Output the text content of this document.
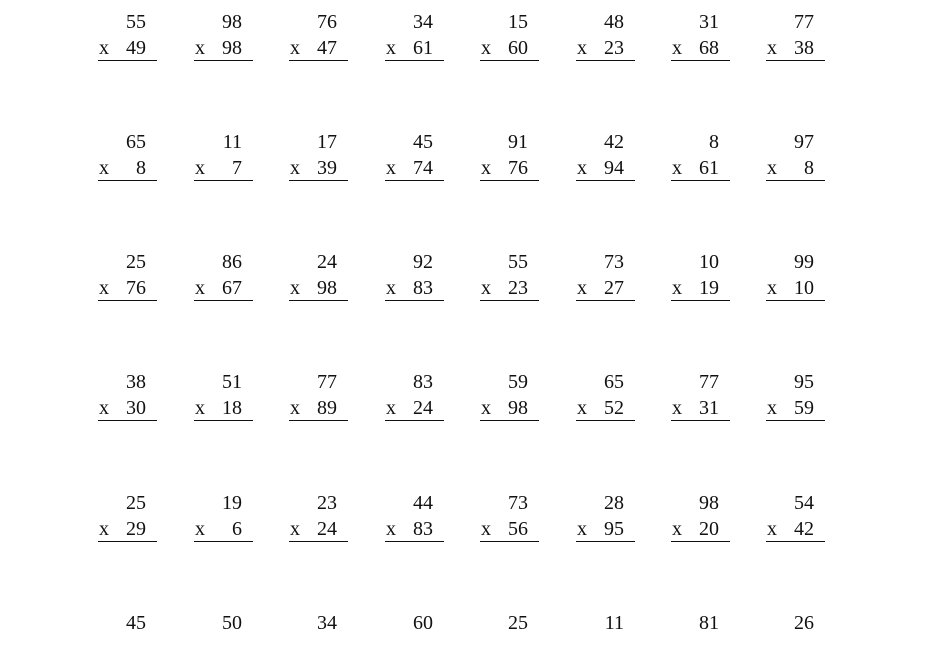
55
x 49
98
x 98
76
x 47
34
x 61
15
x 60
48
x 23
31
x 68
77
x 38
65
x 8
11
x 7
17
x 39
45
x 74
91
x 76
42
x 94
8
x 61
97
x 8
25
x 76
86
x 67
24
x 98
92
x 83
55
x 23
73
x 27
10
x 19
99
x 10
38
x 30
51
x 18
77
x 89
83
x 24
59
x 98
65
x 52
77
x 31
95
x 59
25
x 29
19
x 6
23
x 24
44
x 83
73
x 56
28
x 95
98
x 20
54
x 42
45	50	34	60	25	11	81	26
